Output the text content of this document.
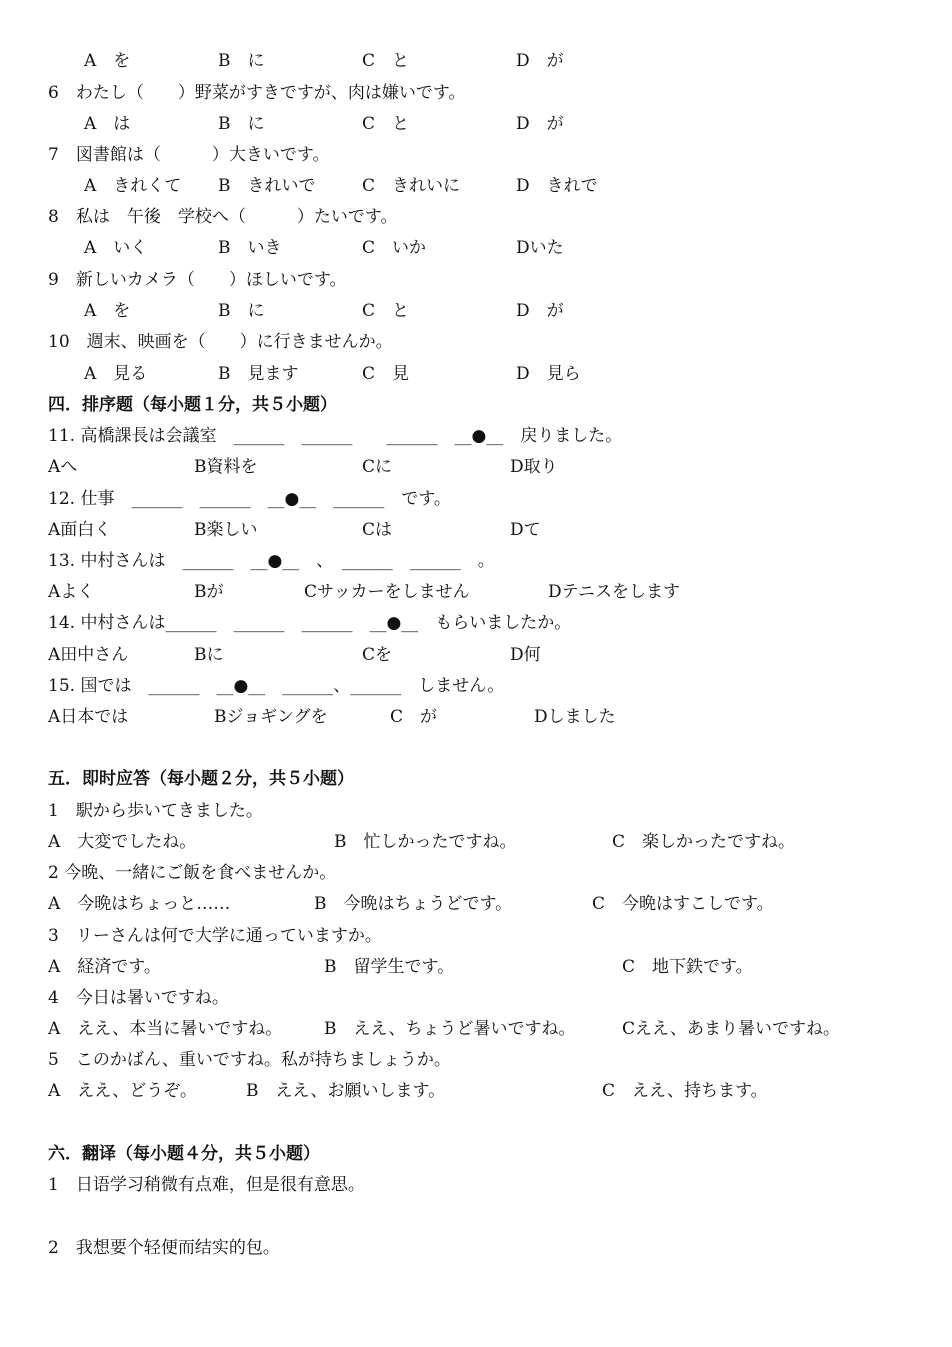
A　を

	B　に

	C　と

	D　が

6　わたし（　　）野菜がすきですが、肉は嫌いです。

A　は

	B　に

	C　と

	D　が

7　図書館は（　　　）大きいです。

A　きれくて

B　きれいで

	C　きれいに

	D　きれで

8　私は　午後　学校へ（　　　）たいです。

A　いく

	B　いき

	C　いか

	Dいた

9　新しいカメラ（　　）ほしいです。

A　を

	B　に

	C　と

	D　が

10　週末、映画を（　　）に行きませんか。

A　見る

	B　見ます

	C　見

	D　見ら

四．排序题（每小题１分，共５小题）
11. 高橋課長は会議室　______　______　　______　__●__　戻りました。

Aへ

	B資料を

	Cに

	D取り

12. 仕事　______　______　__●__　______　です。

A面白く

	B楽しい

	Cは

	Dて

13. 中村さんは　______　__●__　、　______　______　。

Aよく

	Bが

	Cサッカーをしません

	Dテニスをします

14. 中村さんは______　______　______　__●__　もらいましたか。

A田中さん

	Bに

	Cを

	D何

15. 国では　______　__●__　______、______　しません。

A日本では

	Bジョギングを

	C　が

	Dしました

五．即时应答（每小题２分，共５小题）
1　駅から歩いてきました。

A　大変でしたね。

	B　忙しかったですね。

	C　楽しかったですね。

2 今晩、一緒にご飯を食べませんか。

A　今晩はちょっと……

	B　今晩はちょうどです。

	C　今晩はすこしです。

3　リーさんは何で大学に通っていますか。

A　経済です。

	B　留学生です。

	C　地下鉄です。

4　今日は暑いですね。

A　ええ、本当に暑いですね。

B　ええ、ちょうど暑いですね。

	Cええ、あまり暑いですね。

5　このかばん、重いですね。私が持ちましょうか。

A　ええ、どうぞ。

	B　ええ、お願いします。

	C　ええ、持ちます。

六．翻译（每小题４分，共５小题）
1　日语学习稍微有点难，但是很有意思。
2　我想要个轻便而结实的包。
